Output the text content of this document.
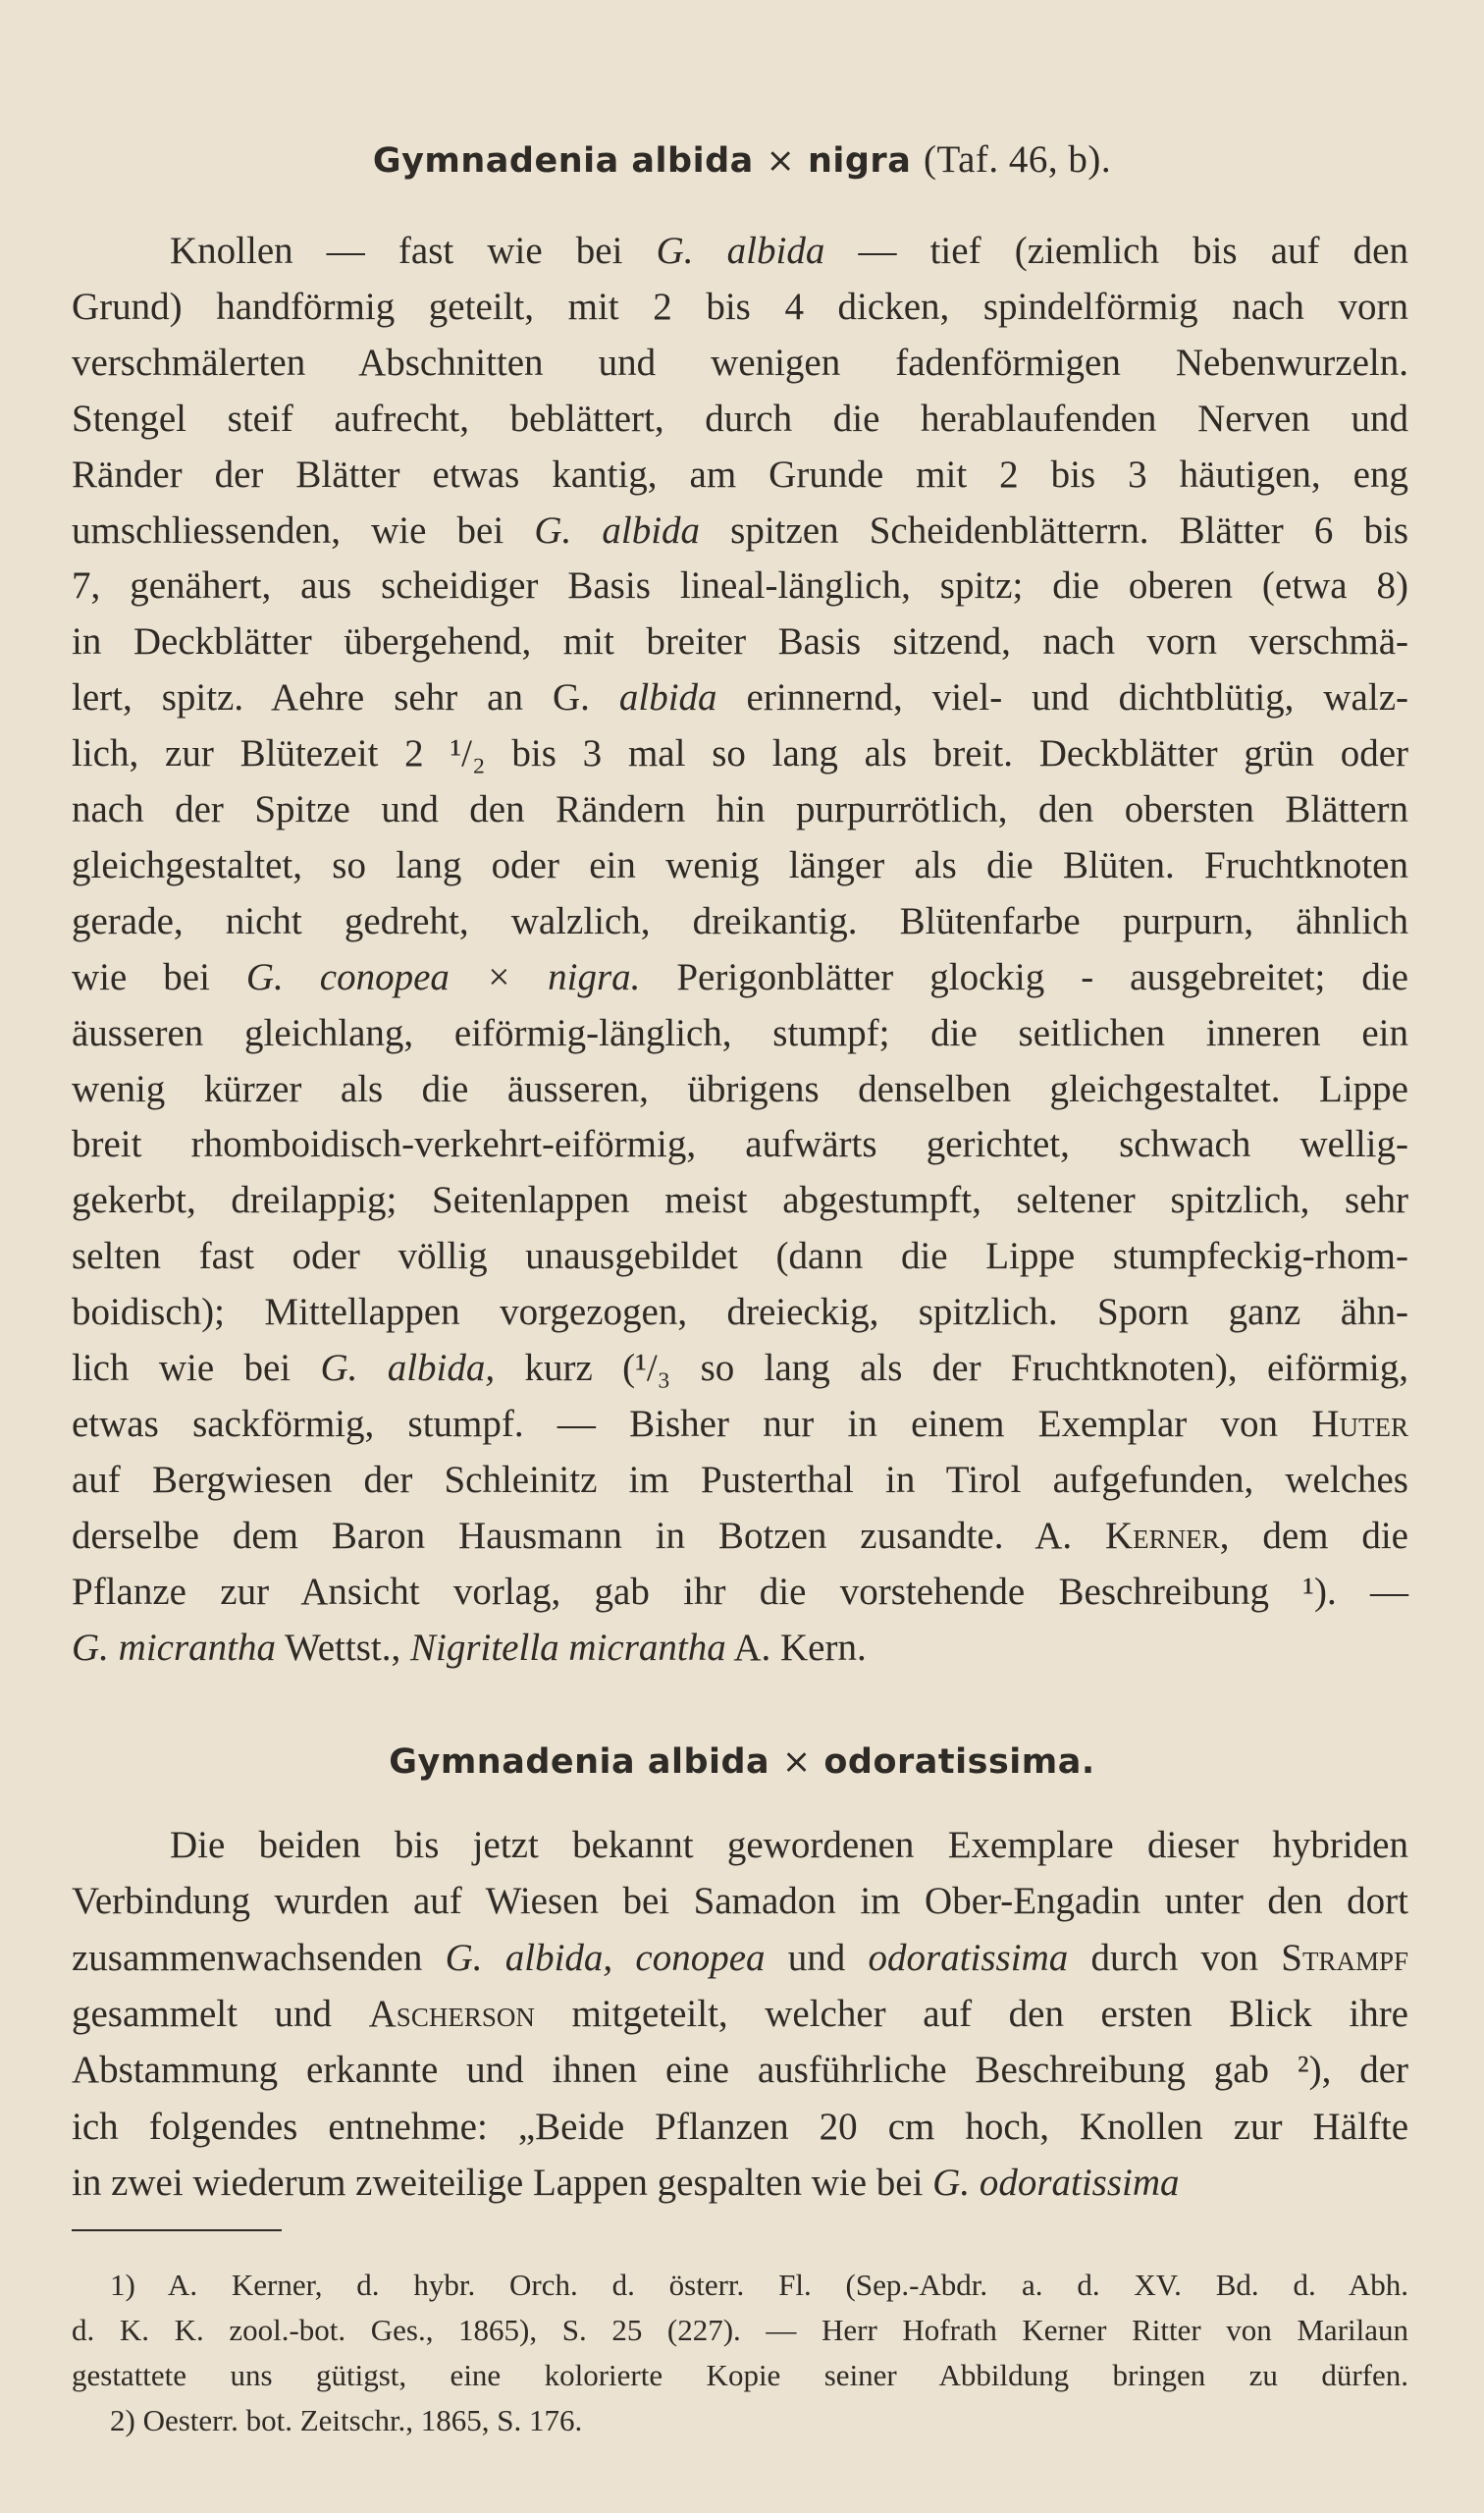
Gymnadenia albida × nigra (Taf. 46, b).
Knollen — fast wie bei G. albida — tief (ziemlich bis auf den
Grund) handförmig geteilt, mit 2 bis 4 dicken, spindelförmig nach vorn
verschmälerten Abschnitten und wenigen fadenförmigen Nebenwurzeln.
Stengel steif aufrecht, beblättert, durch die herablaufenden Nerven und
Ränder der Blätter etwas kantig, am Grunde mit 2 bis 3 häutigen, eng
umschliessenden, wie bei G. albida spitzen Scheidenblätterrn. Blätter 6 bis
7, genähert, aus scheidiger Basis lineal-länglich, spitz; die oberen (etwa 8)
in Deckblätter übergehend, mit breiter Basis sitzend, nach vorn verschmä-
lert, spitz. Aehre sehr an G. albida erinnernd, viel- und dichtblütig, walz-
lich, zur Blütezeit 2 ¹/₂ bis 3 mal so lang als breit. Deckblätter grün oder
nach der Spitze und den Rändern hin purpurrötlich, den obersten Blättern
gleichgestaltet, so lang oder ein wenig länger als die Blüten. Fruchtknoten
gerade, nicht gedreht, walzlich, dreikantig. Blütenfarbe purpurn, ähnlich
wie bei G. conopea × nigra. Perigonblätter glockig - ausgebreitet; die
äusseren gleichlang, eiförmig-länglich, stumpf; die seitlichen inneren ein
wenig kürzer als die äusseren, übrigens denselben gleichgestaltet. Lippe
breit rhomboidisch-verkehrt-eiförmig, aufwärts gerichtet, schwach wellig-
gekerbt, dreilappig; Seitenlappen meist abgestumpft, seltener spitzlich, sehr
selten fast oder völlig unausgebildet (dann die Lippe stumpfeckig-rhom-
boidisch); Mittellappen vorgezogen, dreieckig, spitzlich. Sporn ganz ähn-
lich wie bei G. albida, kurz (¹/₃ so lang als der Fruchtknoten), eiförmig,
etwas sackförmig, stumpf. — Bisher nur in einem Exemplar von Huter
auf Bergwiesen der Schleinitz im Pusterthal in Tirol aufgefunden, welches
derselbe dem Baron Hausmann in Botzen zusandte. A. Kerner, dem die
Pflanze zur Ansicht vorlag, gab ihr die vorstehende Beschreibung ¹). —
G. micrantha Wettst., Nigritella micrantha A. Kern.
Gymnadenia albida × odoratissima.
Die beiden bis jetzt bekannt gewordenen Exemplare dieser hybriden
Verbindung wurden auf Wiesen bei Samadon im Ober-Engadin unter den dort
zusammenwachsenden G. albida, conopea und odoratissima durch von Strampf
gesammelt und Ascherson mitgeteilt, welcher auf den ersten Blick ihre
Abstammung erkannte und ihnen eine ausführliche Beschreibung gab ²), der
ich folgendes entnehme: „Beide Pflanzen 20 cm hoch, Knollen zur Hälfte
in zwei wiederum zweiteilige Lappen gespalten wie bei G. odoratissima
1) A. Kerner, d. hybr. Orch. d. österr. Fl. (Sep.-Abdr. a. d. XV. Bd. d. Abh.
d. K. K. zool.-bot. Ges., 1865), S. 25 (227). — Herr Hofrath Kerner Ritter von Marilaun
gestattete uns gütigst, eine kolorierte Kopie seiner Abbildung bringen zu dürfen.
2) Oesterr. bot. Zeitschr., 1865, S. 176.
